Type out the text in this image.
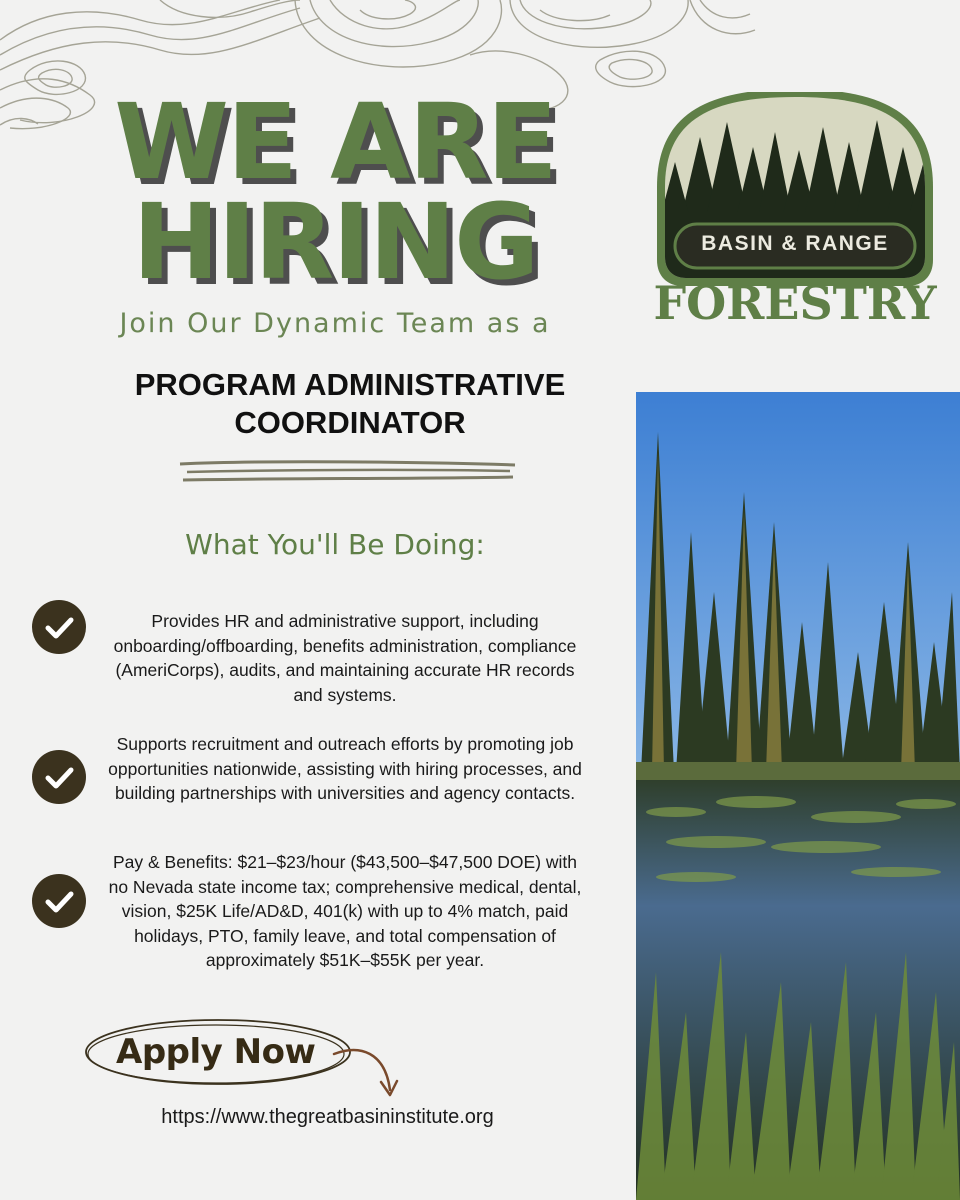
WE ARE
HIRING
Join Our Dynamic Team as a
PROGRAM ADMINISTRATIVE
COORDINATOR
What You'll Be Doing:
Provides HR and administrative support, including onboarding/offboarding, benefits administration, compliance (AmeriCorps), audits, and maintaining accurate HR records and systems.
Supports recruitment and outreach efforts by promoting job opportunities nationwide, assisting with hiring processes, and building partnerships with universities and agency contacts.
Pay & Benefits: $21–$23/hour ($43,500–$47,500 DOE) with no Nevada state income tax; comprehensive medical, dental, vision, $25K Life/AD&D, 401(k) with up to 4% match, paid holidays, PTO, family leave, and total compensation of approximately $51K–$55K per year.
Apply Now
https://www.thegreatbasininstitute.org
BASIN & RANGE
FORESTRY
